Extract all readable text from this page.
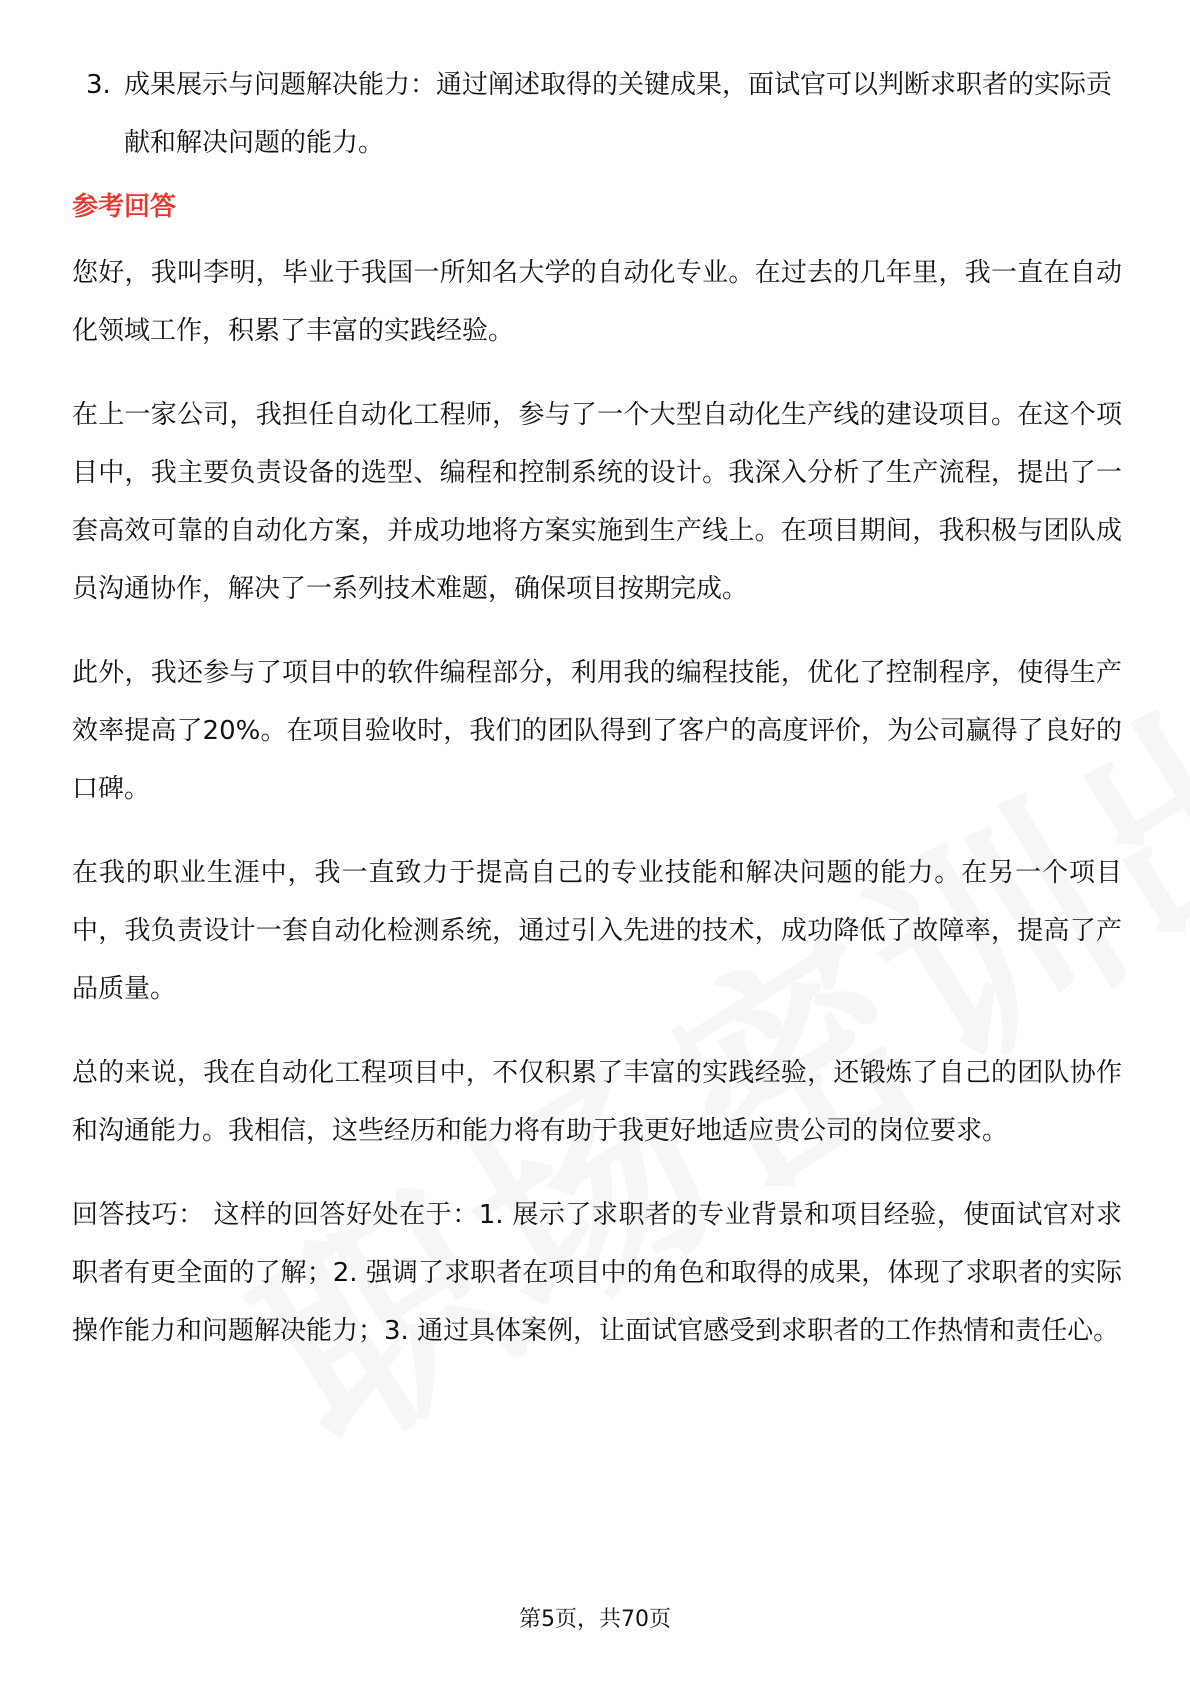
3. 成果展示与问题解决能力：通过阐述取得的关键成果，面试官可以判断求职者的实际贡献和解决问题的能力。
参考回答

您好，我叫李明，毕业于我国一所知名大学的自动化专业。在过去的几年里，我一直在自动化领域工作，积累了丰富的实践经验。

在上一家公司，我担任自动化工程师，参与了一个大型自动化生产线的建设项目。在这个项目中，我主要负责设备的选型、编程和控制系统的设计。我深入分析了生产流程，提出了一套高效可靠的自动化方案，并成功地将方案实施到生产线上。在项目期间，我积极与团队成员沟通协作，解决了一系列技术难题，确保项目按期完成。

此外，我还参与了项目中的软件编程部分，利用我的编程技能，优化了控制程序，使得生产效率提高了20%。在项目验收时，我们的团队得到了客户的高度评价，为公司赢得了良好的口碑。

在我的职业生涯中，我一直致力于提高自己的专业技能和解决问题的能力。在另一个项目中，我负责设计一套自动化检测系统，通过引入先进的技术，成功降低了故障率，提高了产品质量。

总的来说，我在自动化工程项目中，不仅积累了丰富的实践经验，还锻炼了自己的团队协作和沟通能力。我相信，这些经历和能力将有助于我更好地适应贵公司的岗位要求。

回答技巧： 这样的回答好处在于：1. 展示了求职者的专业背景和项目经验，使面试官对求职者有更全面的了解；2. 强调了求职者在项目中的角色和取得的成果，体现了求职者的实际操作能力和问题解决能力；3. 通过具体案例，让面试官感受到求职者的工作热情和责任心。

第5页，共70页
